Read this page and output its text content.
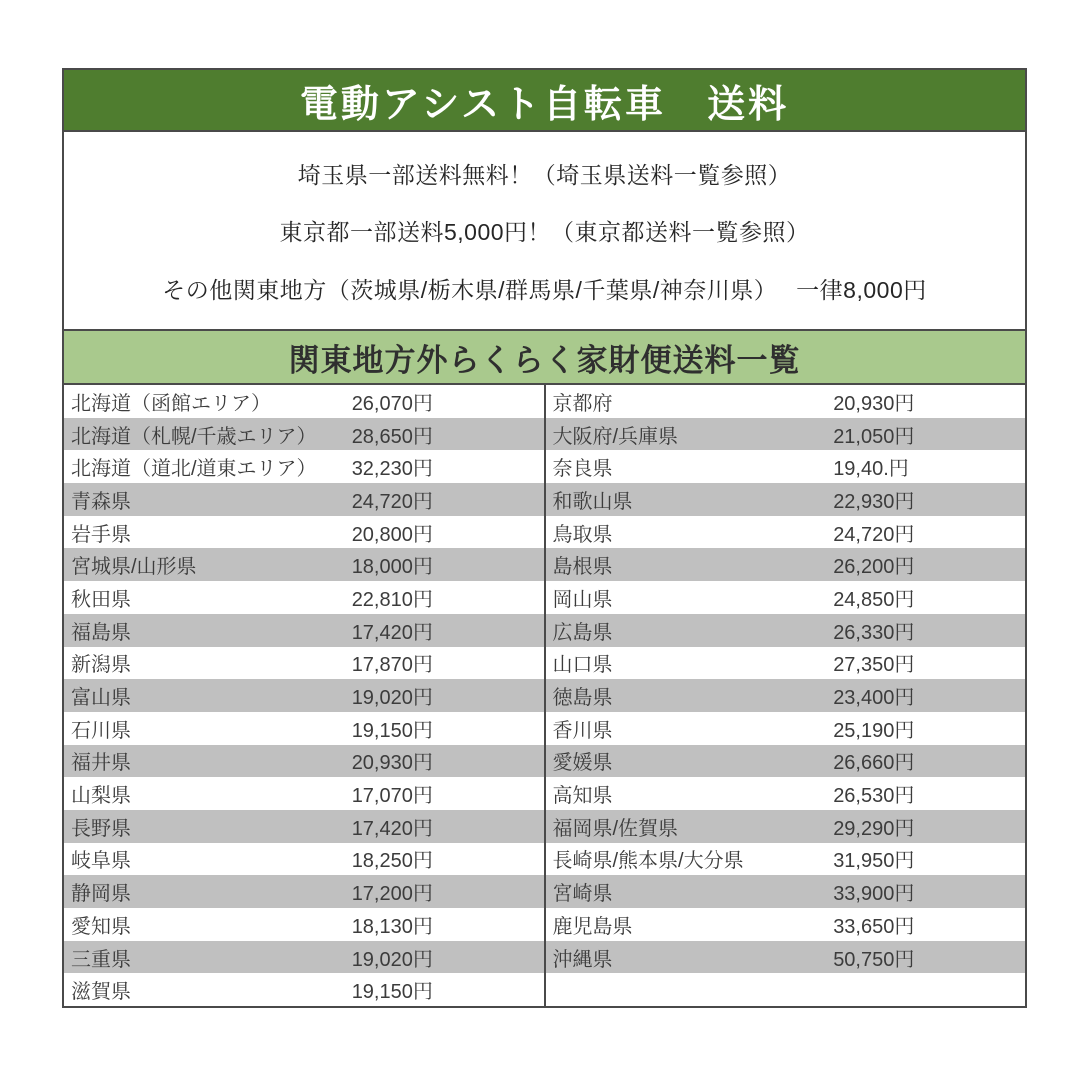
電動アシスト自転車　送料
埼玉県一部送料無料！（埼玉県送料一覧参照）
東京都一部送料5,000円！（東京都送料一覧参照）
その他関東地方（茨城県/栃木県/群馬県/千葉県/神奈川県）　 一律8,000円
関東地方外らくらく家財便送料一覧
北海道（函館エリア）	26,070円
北海道（札幌/千歳エリア）	28,650円
北海道（道北/道東エリア）	32,230円
青森県	24,720円
岩手県	20,800円
宮城県/山形県	18,000円
秋田県	22,810円
福島県	17,420円
新潟県	17,870円
富山県	19,020円
石川県	19,150円
福井県	20,930円
山梨県	17,070円
長野県	17,420円
岐阜県	18,250円
静岡県	17,200円
愛知県	18,130円
三重県	19,020円
滋賀県	19,150円
京都府	20,930円
大阪府/兵庫県	21,050円
奈良県	19,40.円
和歌山県	22,930円
鳥取県	24,720円
島根県	26,200円
岡山県	24,850円
広島県	26,330円
山口県	27,350円
徳島県	23,400円
香川県	25,190円
愛媛県	26,660円
高知県	26,530円
福岡県/佐賀県	29,290円
長崎県/熊本県/大分県	31,950円
宮崎県	33,900円
鹿児島県	33,650円
沖縄県	50,750円
